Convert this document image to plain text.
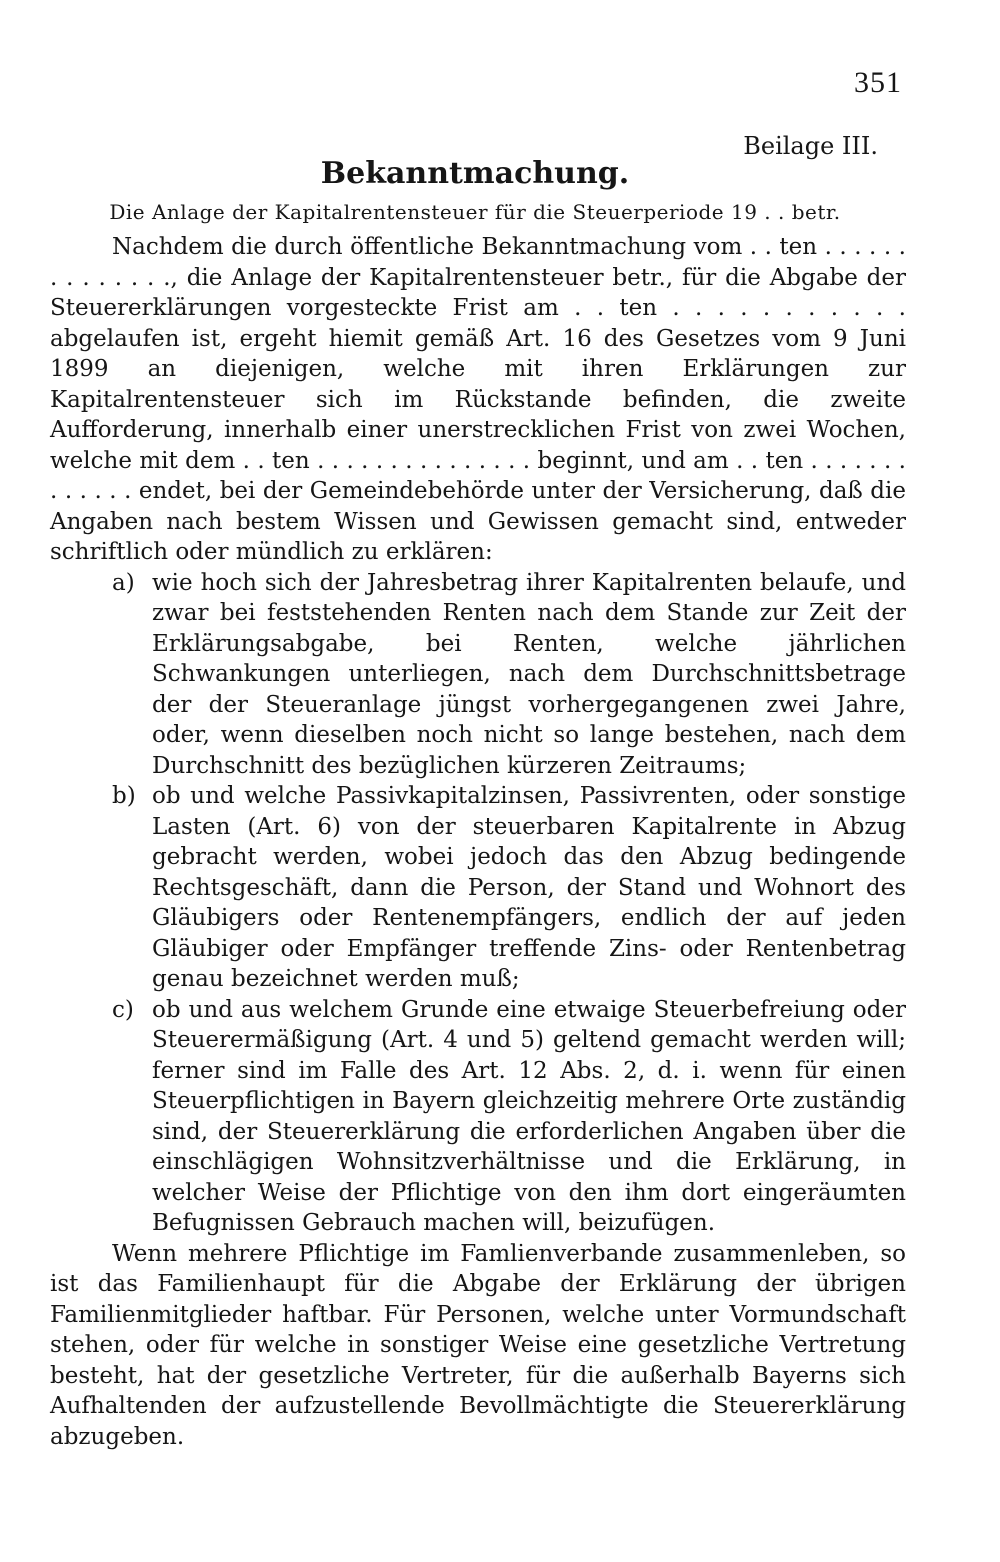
351
Beilage III.
Bekanntmachung.
Die Anlage der Kapitalrentensteuer für die Steuerperiode 19 . . betr.

Nachdem die durch öffentliche Bekanntmachung vom . . ten . . . . . . . . . . . . . ., die Anlage der Kapitalrentensteuer betr., für die Abgabe der Steuererklärungen vorgesteckte Frist am . . ten . . . . . . . . . . . abgelaufen ist, ergeht hiemit gemäß Art. 16 des Gesetzes vom 9 Juni 1899 an diejenigen, welche mit ihren Erklärungen zur Kapitalrentensteuer sich im Rückstande befinden, die zweite Aufforderung, innerhalb einer unerstrecklichen Frist von zwei Wochen, welche mit dem . . ten . . . . . . . . . . . . . . . beginnt, und am . . ten . . . . . . . . . . . . . endet, bei der Gemeindebehörde unter der Versicherung, daß die Angaben nach bestem Wissen und Gewissen gemacht sind, entweder schriftlich oder mündlich zu erklären:

a) wie hoch sich der Jahresbetrag ihrer Kapitalrenten belaufe, und zwar bei feststehenden Renten nach dem Stande zur Zeit der Erklärungsabgabe, bei Renten, welche jährlichen Schwankungen unterliegen, nach dem Durchschnittsbetrage der der Steueranlage jüngst vorhergegangenen zwei Jahre, oder, wenn dieselben noch nicht so lange bestehen, nach dem Durchschnitt des bezüglichen kürzeren Zeitraums;
b) ob und welche Passivkapitalzinsen, Passivrenten, oder sonstige Lasten (Art. 6) von der steuerbaren Kapitalrente in Abzug gebracht werden, wobei jedoch das den Abzug bedingende Rechtsgeschäft, dann die Person, der Stand und Wohnort des Gläubigers oder Rentenempfängers, endlich der auf jeden Gläubiger oder Empfänger treffende Zins- oder Rentenbetrag genau bezeichnet werden muß;
c) ob und aus welchem Grunde eine etwaige Steuerbefreiung oder Steuerermäßigung (Art. 4 und 5) geltend gemacht werden will; ferner sind im Falle des Art. 12 Abs. 2, d. i. wenn für einen Steuerpflichtigen in Bayern gleichzeitig mehrere Orte zuständig sind, der Steuererklärung die erforderlichen Angaben über die einschlägigen Wohnsitzverhältnisse und die Erklärung, in welcher Weise der Pflichtige von den ihm dort eingeräumten Befugnissen Gebrauch machen will, beizufügen.

Wenn mehrere Pflichtige im Famlienverbande zusammenleben, so ist das Familienhaupt für die Abgabe der Erklärung der übrigen Familienmitglieder haftbar. Für Personen, welche unter Vormundschaft stehen, oder für welche in sonstiger Weise eine gesetzliche Vertretung besteht, hat der gesetzliche Vertreter, für die außerhalb Bayerns sich Aufhaltenden der aufzustellende Bevollmächtigte die Steuererklärung abzugeben.
